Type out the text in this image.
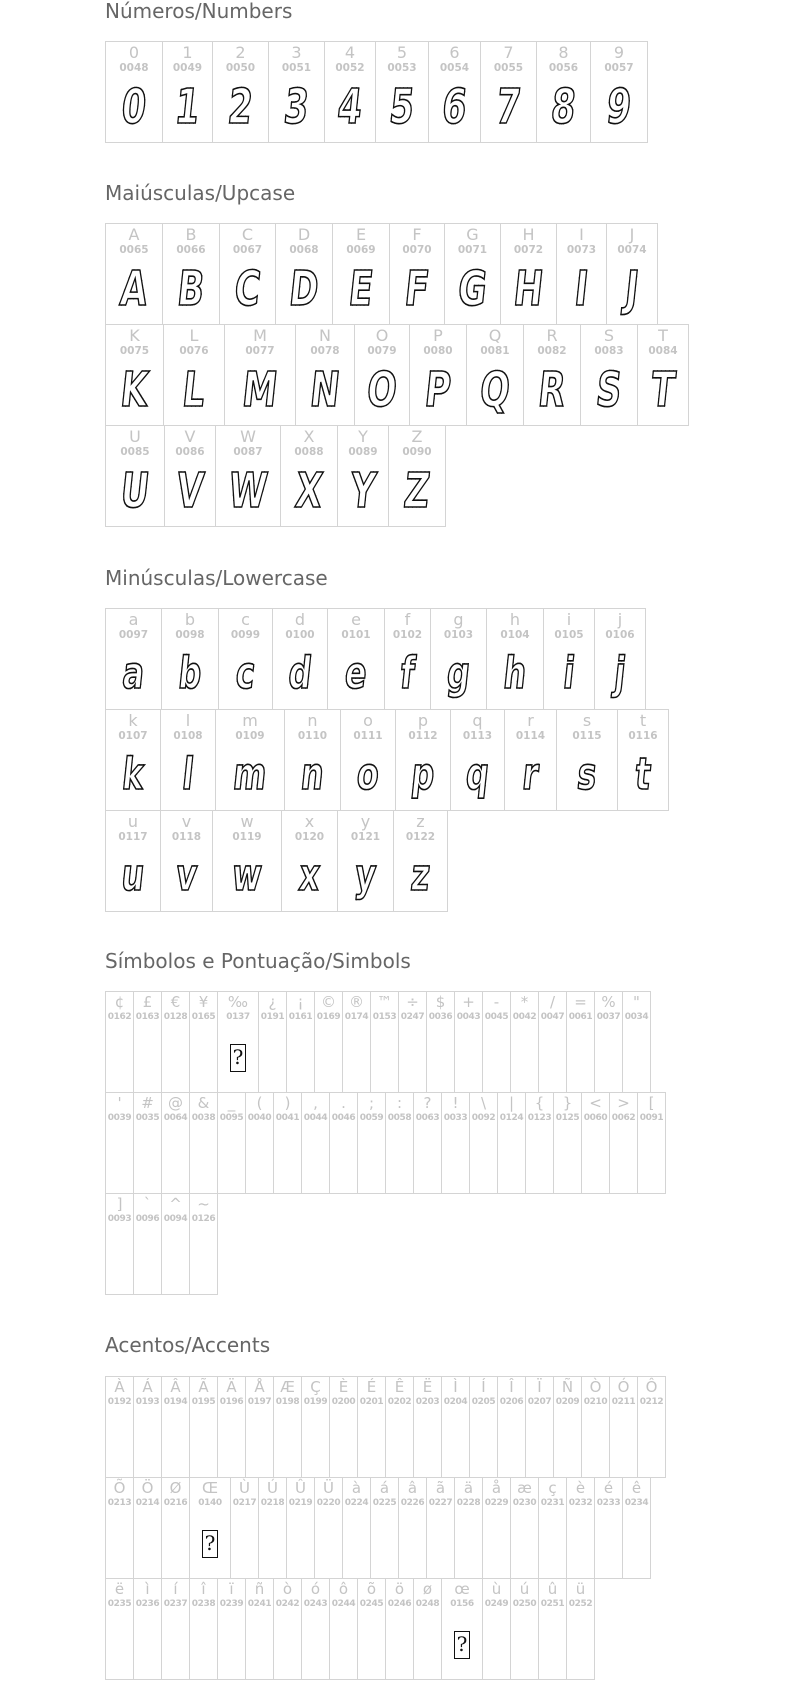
Números/Numbers
0
0048
0
1
0049
1
2
0050
2
3
0051
3
4
0052
4
5
0053
5
6
0054
6
7
0055
7
8
0056
8
9
0057
9
Maiúsculas/Upcase
A
0065
A
B
0066
B
C
0067
C
D
0068
D
E
0069
E
F
0070
F
G
0071
G
H
0072
H
I
0073
I
J
0074
J
K
0075
K
L
0076
L
M
0077
M
N
0078
N
O
0079
O
P
0080
P
Q
0081
Q
R
0082
R
S
0083
S
T
0084
T
U
0085
U
V
0086
V
W
0087
W
X
0088
X
Y
0089
Y
Z
0090
Z
Minúsculas/Lowercase
a
0097
a
b
0098
b
c
0099
c
d
0100
d
e
0101
e
f
0102
f
g
0103
g
h
0104
h
i
0105
i
j
0106
j
k
0107
k
l
0108
l
m
0109
m
n
0110
n
o
0111
o
p
0112
p
q
0113
q
r
0114
r
s
0115
s
t
0116
t
u
0117
u
v
0118
v
w
0119
w
x
0120
x
y
0121
y
z
0122
z
Símbolos e Pontuação/Simbols
¢
0162
£
0163
€
0128
¥
0165
‰
0137
?
¿
0191
¡
0161
©
0169
®
0174
™
0153
÷
0247
$
0036
+
0043
-
0045
*
0042
/
0047
=
0061
%
0037
"
0034
'
0039
#
0035
@
0064
&
0038
_
0095
(
0040
)
0041
,
0044
.
0046
;
0059
:
0058
?
0063
!
0033
\
0092
|
0124
{
0123
}
0125
<
0060
>
0062
[
0091
]
0093
`
0096
^
0094
~
0126
Acentos/Accents
À
0192
Á
0193
Â
0194
Ã
0195
Ä
0196
Å
0197
Æ
0198
Ç
0199
È
0200
É
0201
Ê
0202
Ë
0203
Ì
0204
Í
0205
Î
0206
Ï
0207
Ñ
0209
Ò
0210
Ó
0211
Ô
0212
Õ
0213
Ö
0214
Ø
0216
Œ
0140
?
Ù
0217
Ú
0218
Û
0219
Ü
0220
à
0224
á
0225
â
0226
ã
0227
ä
0228
å
0229
æ
0230
ç
0231
è
0232
é
0233
ê
0234
ë
0235
ì
0236
í
0237
î
0238
ï
0239
ñ
0241
ò
0242
ó
0243
ô
0244
õ
0245
ö
0246
ø
0248
œ
0156
?
ù
0249
ú
0250
û
0251
ü
0252
